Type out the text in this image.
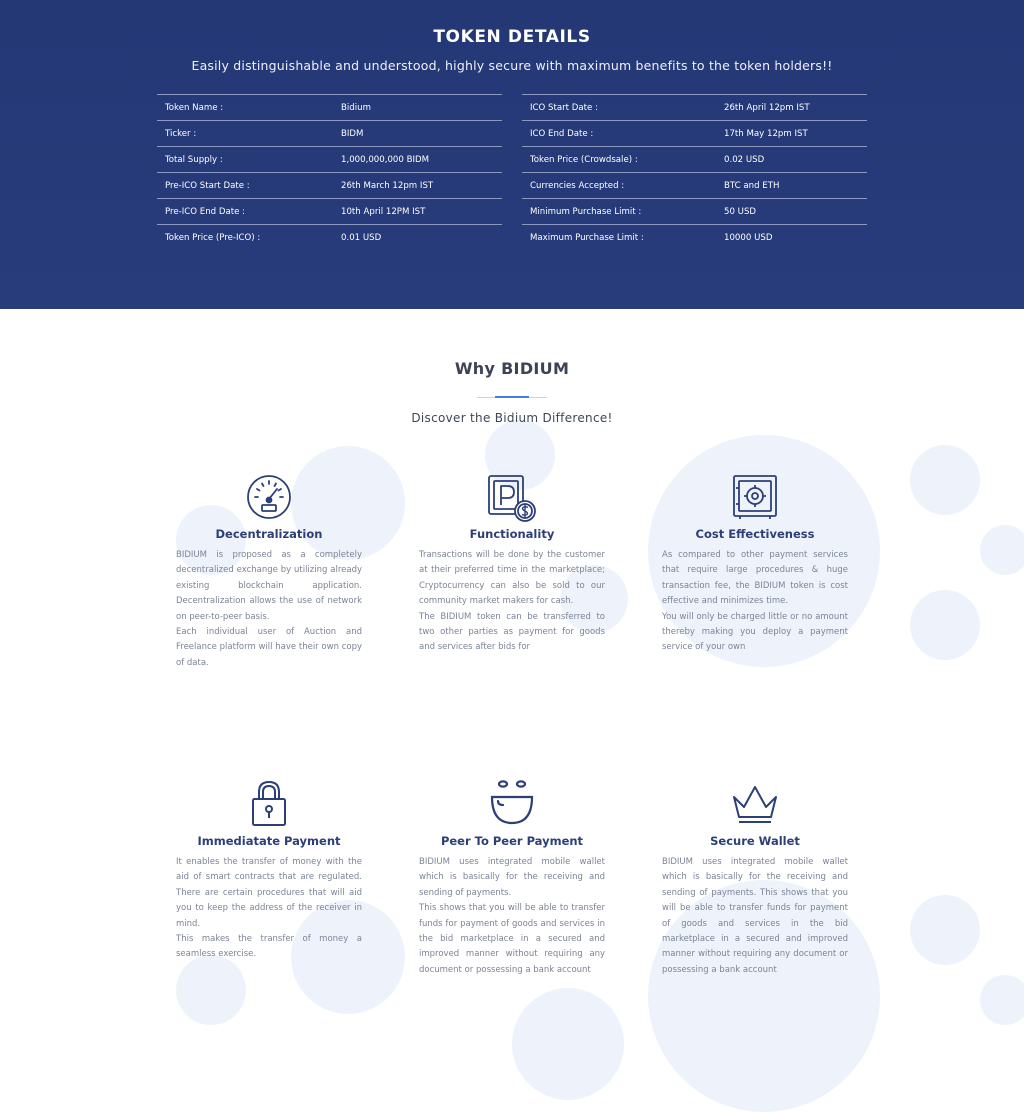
TOKEN DETAILS

Easily distinguishable and understood, highly secure with maximum benefits to the token holders!!

Token Name :	Bidium
Ticker :	BIDM
Total Supply :	1,000,000,000 BIDM
Pre-ICO Start Date :	26th March 12pm IST
Pre-ICO End Date :	10th April 12PM IST
Token Price (Pre-ICO) :	0.01 USD
ICO Start Date :	26th April 12pm IST
ICO End Date :	17th May 12pm IST
Token Price (Crowdsale) :	0.02 USD
Currencies Accepted :	BTC and ETH
Minimum Purchase Limit :	50 USD
Maximum Purchase Limit :	10000 USD
Why BIDIUM

Discover the Bidium Difference!

Decentralization

BIDIUM is proposed as a completely decentralized exchange by utilizing already existing blockchain application. Decentralization allows the use of network on peer-to-peer basis.

Each individual user of Auction and Freelance platform will have their own copy of data.

Functionality

Transactions will be done by the customer at their preferred time in the marketplace; Cryptocurrency can also be sold to our community market makers for cash.

The BIDIUM token can be transferred to two other parties as payment for goods and services after bids for

Cost Effectiveness

As compared to other payment services that require large procedures & huge transaction fee, the BIDIUM token is cost effective and minimizes time.

You will only be charged little or no amount thereby making you deploy a payment service of your own

Immediatate Payment

It enables the transfer of money with the aid of smart contracts that are regulated. There are certain procedures that will aid you to keep the address of the receiver in mind.

This makes the transfer of money a seamless exercise.

Peer To Peer Payment

BIDIUM uses integrated mobile wallet which is basically for the receiving and sending of payments.

This shows that you will be able to transfer funds for payment of goods and services in the bid marketplace in a secured and improved manner without requiring any document or possessing a bank account

Secure Wallet

BIDIUM uses integrated mobile wallet which is basically for the receiving and sending of payments. This shows that you will be able to transfer funds for payment of goods and services in the bid marketplace in a secured and improved manner without requiring any document or possessing a bank account
